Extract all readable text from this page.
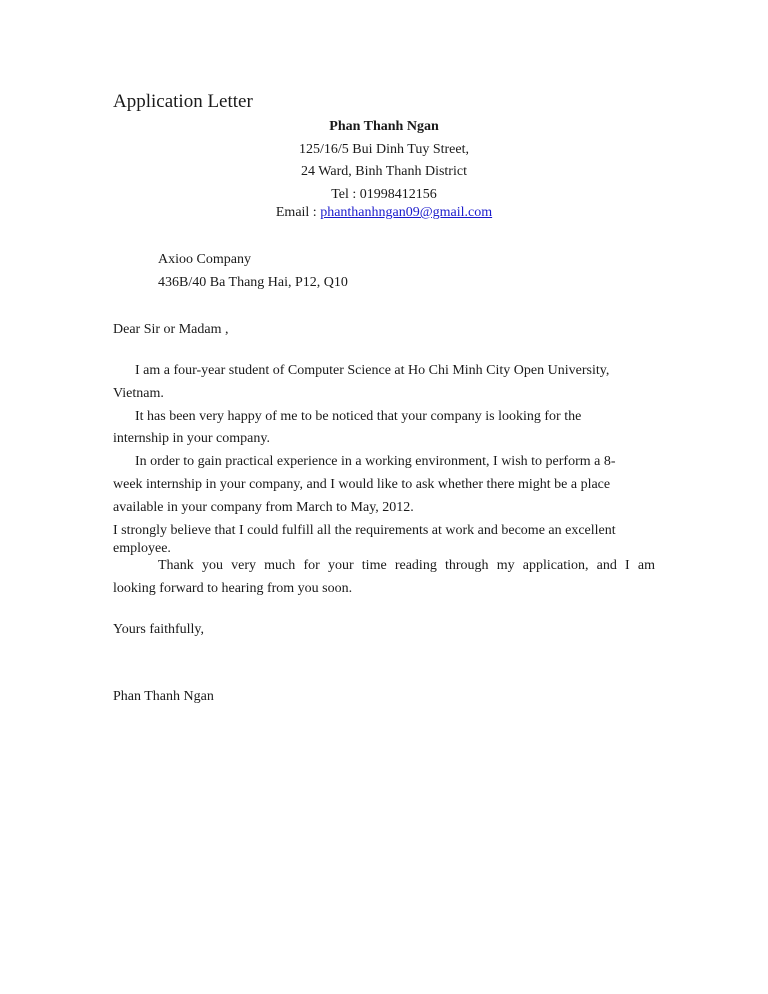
Application Letter
Phan Thanh Ngan
125/16/5 Bui Dinh Tuy Street,
24 Ward, Binh Thanh District
Tel : 01998412156
Email : phanthanhngan09@gmail.com
Axioo Company
436B/40 Ba Thang Hai, P12, Q10
Dear Sir or Madam ,
I am a four-year student of Computer Science at Ho Chi Minh City Open University,
Vietnam.
It has been very happy of me to be noticed that your company is looking for the
internship in your company.
In order to gain practical experience in a working environment, I wish to perform a 8-
week internship in your company, and I would like to ask whether there might be a place
available in your company from March to May, 2012.
I strongly believe that I could fulfill all the requirements at work and become an excellent
employee.
Thank you very much for your time reading through my application, and I am
looking forward to hearing from you soon.
Yours faithfully,
Phan Thanh Ngan
